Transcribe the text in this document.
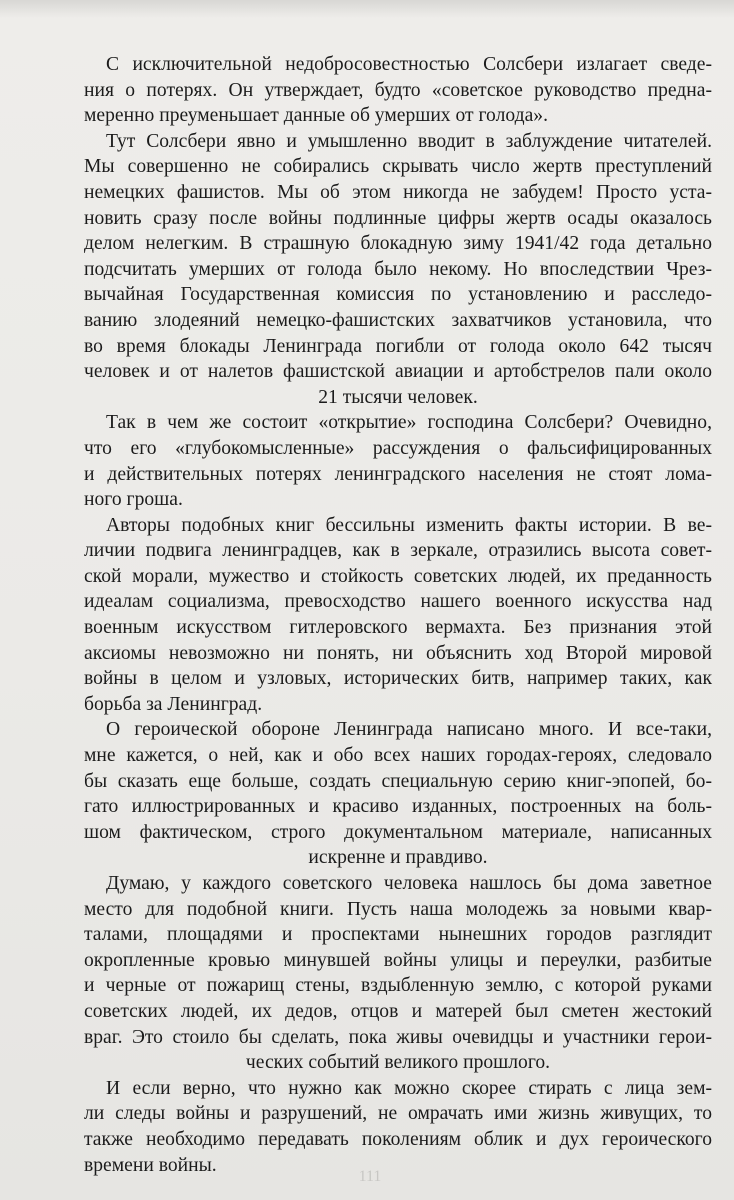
С исключительной недобросовестностью Солсбери излагает сведе-
ния о потерях. Он утверждает, будто «советское руководство предна-
меренно преуменьшает данные об умерших от голода».
Тут Солсбери явно и умышленно вводит в заблуждение читателей.
Мы совершенно не собирались скрывать число жертв преступлений
немецких фашистов. Мы об этом никогда не забудем! Просто уста-
новить сразу после войны подлинные цифры жертв осады оказалось
делом нелегким. В страшную блокадную зиму 1941/42 года детально
подсчитать умерших от голода было некому. Но впоследствии Чрез-
вычайная Государственная комиссия по установлению и расследо-
ванию злодеяний немецко-фашистских захватчиков установила, что
во время блокады Ленинграда погибли от голода около 642 тысяч
человек и от налетов фашистской авиации и артобстрелов пали около
21 тысячи человек.
Так в чем же состоит «открытие» господина Солсбери? Очевидно,
что его «глубокомысленные» рассуждения о фальсифицированных
и действительных потерях ленинградского населения не стоят лома-
ного гроша.
Авторы подобных книг бессильны изменить факты истории. В ве-
личии подвига ленинградцев, как в зеркале, отразились высота совет-
ской морали, мужество и стойкость советских людей, их преданность
идеалам социализма, превосходство нашего военного искусства над
военным искусством гитлеровского вермахта. Без признания этой
аксиомы невозможно ни понять, ни объяснить ход Второй мировой
войны в целом и узловых, исторических битв, например таких, как
борьба за Ленинград.
О героической обороне Ленинграда написано много. И все-таки,
мне кажется, о ней, как и обо всех наших городах-героях, следовало
бы сказать еще больше, создать специальную серию книг-эпопей, бо-
гато иллюстрированных и красиво изданных, построенных на боль-
шом фактическом, строго документальном материале, написанных
искренне и правдиво.
Думаю, у каждого советского человека нашлось бы дома заветное
место для подобной книги. Пусть наша молодежь за новыми квар-
талами, площадями и проспектами нынешних городов разглядит
окропленные кровью минувшей войны улицы и переулки, разбитые
и черные от пожарищ стены, вздыбленную землю, с которой руками
советских людей, их дедов, отцов и матерей был сметен жестокий
враг. Это стоило бы сделать, пока живы очевидцы и участники герои-
ческих событий великого прошлого.
И если верно, что нужно как можно скорее стирать с лица зем-
ли следы войны и разрушений, не омрачать ими жизнь живущих, то
также необходимо передавать поколениям облик и дух героического
времени войны.
111
